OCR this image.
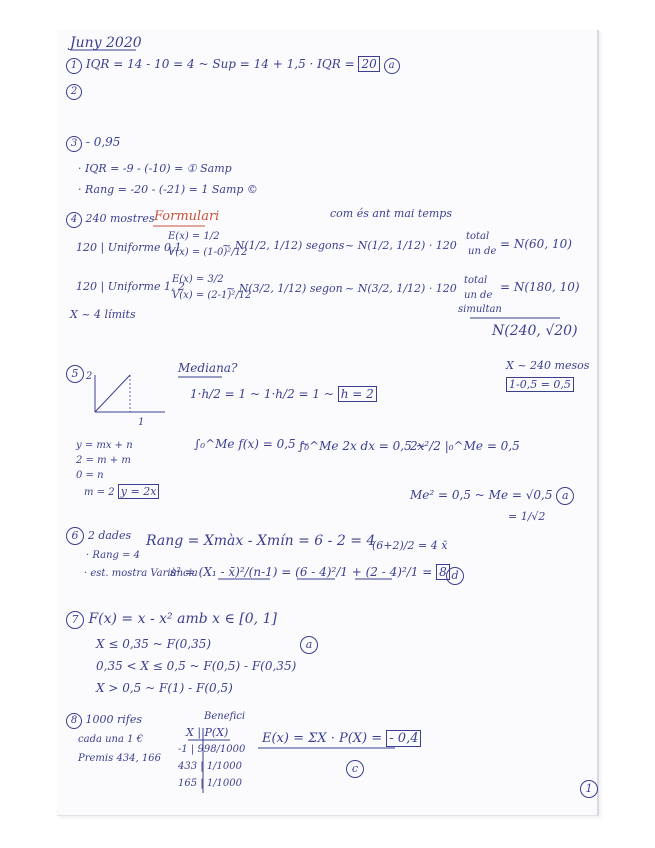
Juny 2020
1 IQR = 14 - 10 = 4 ~ Sup = 14 + 1,5 · IQR = 20 a
2
3 - 0,95
· IQR = -9 - (-10) = ① Samp
· Rang = -20 - (-21) = 1 Samp ©
4 240 mostres Formulari	com és ant mai temps
120 | Uniforme 0,1
E(x) = 1/2
V(x) = (1-0)²/12
~ N(1/2, 1/12) segons ~ N(1/2, 1/12) · 120
total
un de
= N(60, 10)
120 | Uniforme 1, 2
E(x) = 3/2
V(x) = (2-1)²/12
~ N(3/2, 1/12) segon ~ N(3/2, 1/12) · 120
total
un de
simultan
= N(180, 10)
X ~ 4 límits
N(240, √20)
5 2
1
Mediana?
1·h/2 = 1 ~ 1·h/2 = 1 ~ h = 2
X ~ 240 mesos
1-0,5 = 0,5
∫₀^Me f(x) = 0,5 ~
∫₀^Me 2x dx = 0,5 ~
2x²/2 |₀^Me = 0,5
y = mx + n
2 = m + m
0 = n
m = 2 y = 2x	Me² = 0,5 ~ Me = √0,5 a
= 1/√2
6 2 dades Rang = Xmàx - Xmín = 6 - 2 = 4
(6+2)/2 = 4 x̄
· Rang = 4
· est. mostra Variància
s² = (X₁ - x̄)²/(n-1) = (6 - 4)²/1 + (2 - 4)²/1 = 8 d
7 F(x) = x - x² amb x ∈ [0, 1]
X ≤ 0,35 ~ F(0,35)	a
0,35 < X ≤ 0,5 ~ F(0,5) - F(0,35)
X > 0,5 ~ F(1) - F(0,5)
8 1000 rifes	Benefici
cada una 1 €
Premis 434, 166
X | P(X)
-1 | 998/1000
433 | 1/1000
165 | 1/1000
E(x) = ΣX · P(X) = - 0,4
c
1
